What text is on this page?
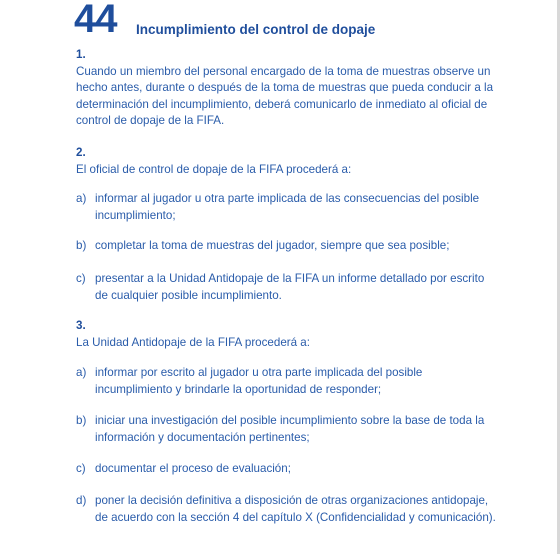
44 Incumplimiento del control de dopaje
1.
Cuando un miembro del personal encargado de la toma de muestras observe un hecho antes, durante o después de la toma de muestras que pueda conducir a la determinación del incumplimiento, deberá comunicarlo de inmediato al oficial de control de dopaje de la FIFA.
2.
El oficial de control de dopaje de la FIFA procederá a:
a) informar al jugador u otra parte implicada de las consecuencias del posible incumplimiento;
b) completar la toma de muestras del jugador, siempre que sea posible;
c) presentar a la Unidad Antidopaje de la FIFA un informe detallado por escrito de cualquier posible incumplimiento.
3.
La Unidad Antidopaje de la FIFA procederá a:
a) informar por escrito al jugador u otra parte implicada del posible incumplimiento y brindarle la oportunidad de responder;
b) iniciar una investigación del posible incumplimiento sobre la base de toda la información y documentación pertinentes;
c) documentar el proceso de evaluación;
d) poner la decisión definitiva a disposición de otras organizaciones antidopaje, de acuerdo con la sección 4 del capítulo X (Confidencialidad y comunicación).
